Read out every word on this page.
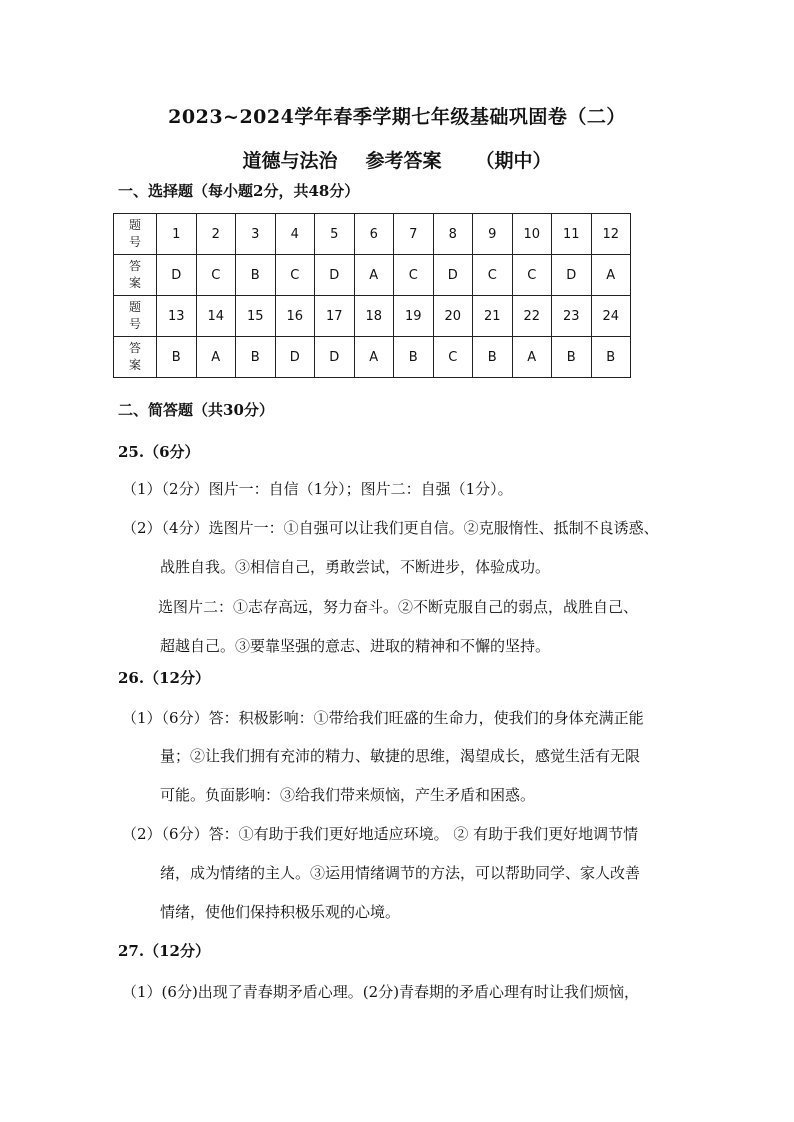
2023~2024学年春季学期七年级基础巩固卷（二）
道德与法治 参考答案 （期中）
一、选择题（每小题2分，共48分）
题
号	1	2	3	4	5	6	7	8	9	10	11	12

答
案	D	C	B	C	D	A	C	D	C	C	D	A

题
号	13	14	15	16	17	18	19	20	21	22	23	24

答
案	B	A	B	D	D	A	B	C	B	A	B	B
二、简答题（共30分）
25.（6分）
（1）（2分）图片一：自信（1分）；图片二：自强（1分）。
（2）（4分）选图片一：①自强可以让我们更自信。②克服惰性、抵制不良诱惑、
战胜自我。③相信自己，勇敢尝试，不断进步，体验成功。
选图片二：①志存高远，努力奋斗。②不断克服自己的弱点，战胜自己、
超越自己。③要靠坚强的意志、进取的精神和不懈的坚持。
26.（12分）
（1）（6分）答：积极影响：①带给我们旺盛的生命力，使我们的身体充满正能
量；②让我们拥有充沛的精力、敏捷的思维，渴望成长，感觉生活有无限
可能。负面影响：③给我们带来烦恼，产生矛盾和困惑。
（2）（6分）答：①有助于我们更好地适应环境。 ② 有助于我们更好地调节情
绪，成为情绪的主人。③运用情绪调节的方法，可以帮助同学、家人改善
情绪，使他们保持积极乐观的心境。
27.（12分）
（1）(6分)出现了青春期矛盾心理。(2分)青春期的矛盾心理有时让我们烦恼，
